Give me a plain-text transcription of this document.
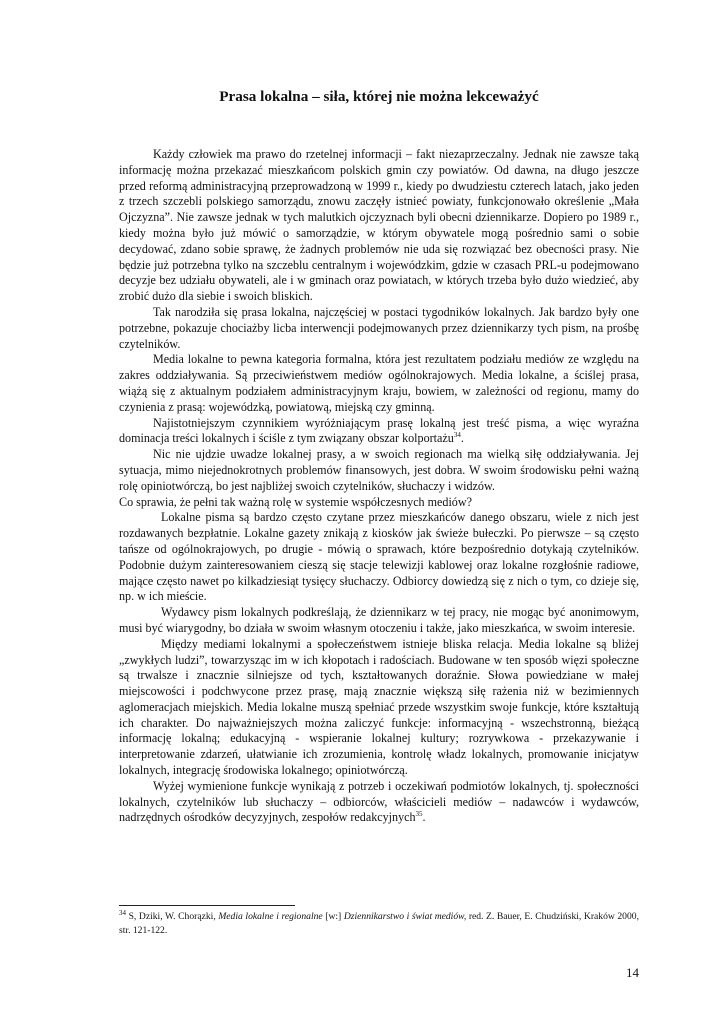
Prasa lokalna – siła, której nie można lekceważyć

Każdy człowiek ma prawo do rzetelnej informacji – fakt niezaprzeczalny. Jednak nie zawsze taką informację można przekazać mieszkańcom polskich gmin czy powiatów. Od dawna, na długo jeszcze przed reformą administracyjną przeprowadzoną w 1999 r., kiedy po dwudziestu czterech latach, jako jeden z trzech szczebli polskiego samorządu, znowu zaczęły istnieć powiaty, funkcjonowało określenie „Mała Ojczyzna”. Nie zawsze jednak w tych malutkich ojczyznach byli obecni dziennikarze. Dopiero po 1989 r., kiedy można było już mówić o samorządzie, w którym obywatele mogą pośrednio sami o sobie decydować, zdano sobie sprawę, że żadnych problemów nie uda się rozwiązać bez obecności prasy. Nie będzie już potrzebna tylko na szczeblu centralnym i wojewódzkim, gdzie w czasach PRL-u podejmowano decyzje bez udziału obywateli, ale i w gminach oraz powiatach, w których trzeba było dużo wiedzieć, aby zrobić dużo dla siebie i swoich bliskich.

Tak narodziła się prasa lokalna, najczęściej w postaci tygodników lokalnych. Jak bardzo były one potrzebne, pokazuje chociażby licba interwencji podejmowanych przez dziennikarzy tych pism, na prośbę czytelników.

Media lokalne to pewna kategoria formalna, która jest rezultatem podziału mediów ze względu na zakres oddziaływania. Są przeciwieństwem mediów ogólnokrajowych. Media lokalne, a ściślej prasa, wiążą się z aktualnym podziałem administracyjnym kraju, bowiem, w zależności od regionu, mamy do czynienia z prasą: wojewódzką, powiatową, miejską czy gminną.

Najistotniejszym czynnikiem wyróżniającym prasę lokalną jest treść pisma, a więc wyraźna dominacja treści lokalnych i ściśle z tym związany obszar kolportażu$^{34}$.

Nic nie ujdzie uwadze lokalnej prasy, a w swoich regionach ma wielką siłę oddziaływania. Jej sytuacja, mimo niejednokrotnych problemów finansowych, jest dobra. W swoim środowisku pełni ważną rolę opiniotwórczą, bo jest najbliżej swoich czytelników, słuchaczy i widzów.

Co sprawia, że pełni tak ważną rolę w systemie współczesnych mediów?

Lokalne pisma są bardzo często czytane przez mieszkańców danego obszaru, wiele z nich jest rozdawanych bezpłatnie. Lokalne gazety znikają z kiosków jak świeże bułeczki. Po pierwsze – są często tańsze od ogólnokrajowych, po drugie - mówią o sprawach, które bezpośrednio dotykają czytelników. Podobnie dużym zainteresowaniem cieszą się stacje telewizji kablowej oraz lokalne rozgłośnie radiowe, mające często nawet po kilkadziesiąt tysięcy słuchaczy. Odbiorcy dowiedzą się z nich o tym, co dzieje się, np. w ich mieście.

Wydawcy pism lokalnych podkreślają, że dziennikarz w tej pracy, nie mogąc być anonimowym, musi być wiarygodny, bo działa w swoim własnym otoczeniu i także, jako mieszkańca, w swoim interesie.

Między mediami lokalnymi a społeczeństwem istnieje bliska relacja. Media lokalne są bliżej „zwykłych ludzi”, towarzysząc im w ich kłopotach i radościach. Budowane w ten sposób więzi społeczne są trwalsze i znacznie silniejsze od tych, kształtowanych doraźnie. Słowa powiedziane w małej miejscowości i podchwycone przez prasę, mają znacznie większą siłę rażenia niż w bezimiennych aglomeracjach miejskich. Media lokalne muszą spełniać przede wszystkim swoje funkcje, które kształtują ich charakter. Do najważniejszych można zaliczyć funkcje: informacyjną - wszechstronną, bieżącą informację lokalną; edukacyjną - wspieranie lokalnej kultury; rozrywkowa - przekazywanie i interpretowanie zdarzeń, ułatwianie ich zrozumienia, kontrolę władz lokalnych, promowanie inicjatyw lokalnych, integrację środowiska lokalnego; opiniotwórczą.

Wyżej wymienione funkcje wynikają z potrzeb i oczekiwań podmiotów lokalnych, tj. społeczności lokalnych, czytelników lub słuchaczy – odbiorców, właścicieli mediów – nadawców i wydawców, nadrzędnych ośrodków decyzyjnych, zespołów redakcyjnych$^{35}$.

$^{34}$ S, Dziki, W. Chorązki, Media lokalne i regionalne [w:] Dziennikarstwo i świat mediów, red. Z. Bauer, E. Chudziński, Kraków 2000, str. 121-122.

14
